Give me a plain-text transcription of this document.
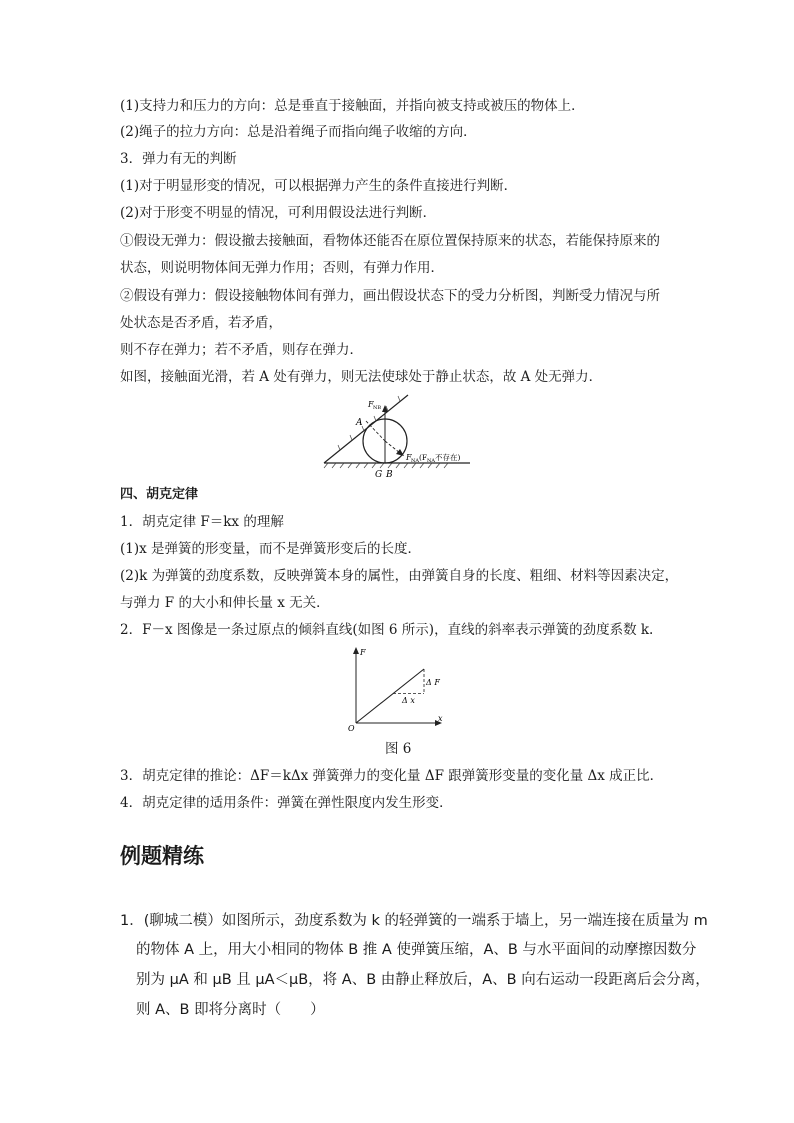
(1)支持力和压力的方向：总是垂直于接触面，并指向被支持或被压的物体上．
(2)绳子的拉力方向：总是沿着绳子而指向绳子收缩的方向．
3．弹力有无的判断
(1)对于明显形变的情况，可以根据弹力产生的条件直接进行判断．
(2)对于形变不明显的情况，可利用假设法进行判断．
①假设无弹力：假设撤去接触面，看物体还能否在原位置保持原来的状态，若能保持原来的
状态，则说明物体间无弹力作用；否则，有弹力作用．
②假设有弹力：假设接触物体间有弹力，画出假设状态下的受力分析图，判断受力情况与所
处状态是否矛盾，若矛盾，
则不存在弹力；若不矛盾，则存在弹力．
如图，接触面光滑，若 A 处有弹力，则无法使球处于静止状态，故 A 处无弹力．
F NB
A
G B
F NA (F NA 不存在)
四、胡克定律
1．胡克定律 F＝kx 的理解
(1)x 是弹簧的形变量，而不是弹簧形变后的长度．
(2)k 为弹簧的劲度系数，反映弹簧本身的属性，由弹簧自身的长度、粗细、材料等因素决定，
与弹力 F 的大小和伸长量 x 无关．
2．F－x 图像是一条过原点的倾斜直线(如图 6 所示)，直线的斜率表示弹簧的劲度系数 k.
F
x
O
Δ F
Δ x
图 6
3．胡克定律的推论：ΔF＝kΔx 弹簧弹力的变化量 ΔF 跟弹簧形变量的变化量 Δx 成正比．
4．胡克定律的适用条件：弹簧在弹性限度内发生形变．
例题精练
1．(聊城二模）如图所示，劲度系数为 k 的轻弹簧的一端系于墙上，另一端连接在质量为 m
的物体 A 上，用大小相同的物体 B 推 A 使弹簧压缩，A、B 与水平面间的动摩擦因数分
别为 μA 和 μB 且 μA＜μB，将 A、B 由静止释放后，A、B 向右运动一段距离后会分离，
则 A、B 即将分离时（　　）
